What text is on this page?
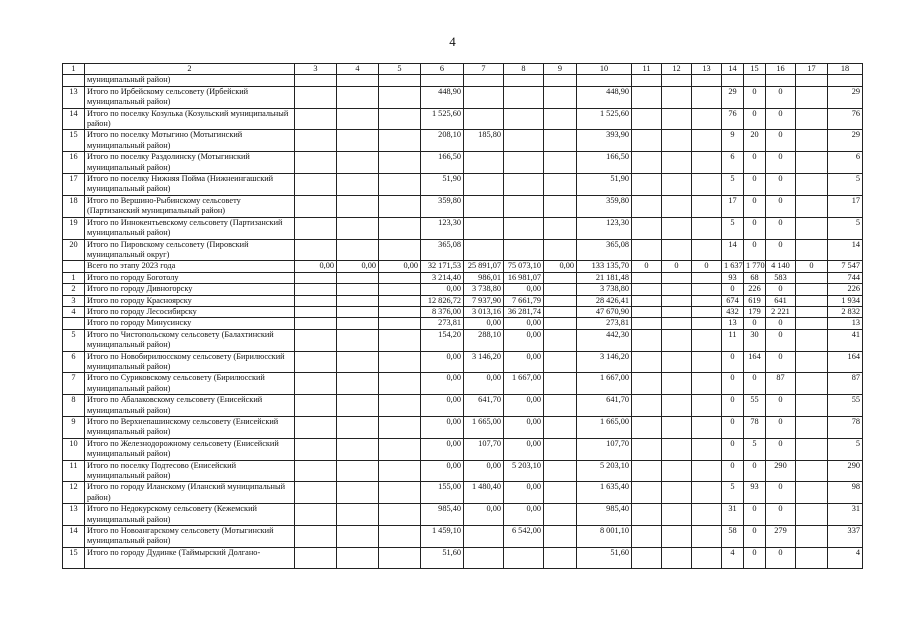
4
1	2	3	4	5	6	7	8	9	10	11	12	13	14	15	16	17	18
	муниципальный район)																
13	Итого по Ирбейскому сельсовету (Ирбейский муниципальный район)				448,90				448,90				29	0	0		29
14	Итого по поселку Козулька (Козульский муниципальный район)				1 525,60				1 525,60				76	0	0		76
15	Итого по поселку Мотыгино (Мотыгинский муниципальный район)				208,10	185,80			393,90				9	20	0		29
16	Итого по поселку Раздолинску (Мотыгинский муниципальный район)				166,50				166,50				6	0	0		6
17	Итого по поселку Нижняя Пойма (Нижнеингашский муниципальный район)				51,90				51,90				5	0	0		5
18	Итого по Вершино-Рыбинскому сельсовету (Партизанский муниципальный район)				359,80				359,80				17	0	0		17
19	Итого по Иннокентьевскому сельсовету (Партизанский муниципальный район)				123,30				123,30				5	0	0		5
20	Итого по Пировскому сельсовету (Пировский муниципальный округ)				365,08				365,08				14	0	0		14
	Всего по этапу 2023 года	0,00	0,00	0,00	32 171,53	25 891,07	75 073,10	0,00	133 135,70	0	0	0	1 637	1 770	4 140	0	7 547
1	Итого по городу Боготолу				3 214,40	986,01	16 981,07		21 181,48				93	68	583		744
2	Итого по городу Дивногорску				0,00	3 738,80	0,00		3 738,80				0	226	0		226
3	Итого по городу Красноярску				12 826,72	7 937,90	7 661,79		28 426,41				674	619	641		1 934
4	Итого по городу Лесосибирску				8 376,00	3 013,16	36 281,74		47 670,90				432	179	2 221		2 832
	Итого по городу Минусинску				273,81	0,00	0,00		273,81				13	0	0		13
5	Итого по Чистопольскому сельсовету (Балахтинский муниципальный район)				154,20	288,10	0,00		442,30				11	30	0		41
6	Итого по Новобирилюсскому сельсовету (Бирилюсский муниципальный район)				0,00	3 146,20	0,00		3 146,20				0	164	0		164
7	Итого по Суриковскому сельсовету (Бирилюсский муниципальный район)				0,00	0,00	1 667,00		1 667,00				0	0	87		87
8	Итого по Абалаковскому сельсовету (Енисейский муниципальный район)				0,00	641,70	0,00		641,70				0	55	0		55
9	Итого по Верхнепашинскому сельсовету (Енисейский муниципальный район)				0,00	1 665,00	0,00		1 665,00				0	78	0		78
10	Итого по Железнодорожному сельсовету (Енисейский муниципальный район)				0,00	107,70	0,00		107,70				0	5	0		5
11	Итого по поселку Подтесово (Енисейский муниципальный район)				0,00	0,00	5 203,10		5 203,10				0	0	290		290
12	Итого по городу Иланскому (Иланский муниципальный район)				155,00	1 480,40	0,00		1 635,40				5	93	0		98
13	Итого по Недокурскому сельсовету (Кежемский муниципальный район)				985,40	0,00	0,00		985,40				31	0	0		31
14	Итого по Новоангарскому сельсовету (Мотыгинский муниципальный район)				1 459,10		6 542,00		8 001,10				58	0	279		337
15	Итого по городу Дудинке (Таймырский Долгано-				51,60				51,60				4	0	0		4
